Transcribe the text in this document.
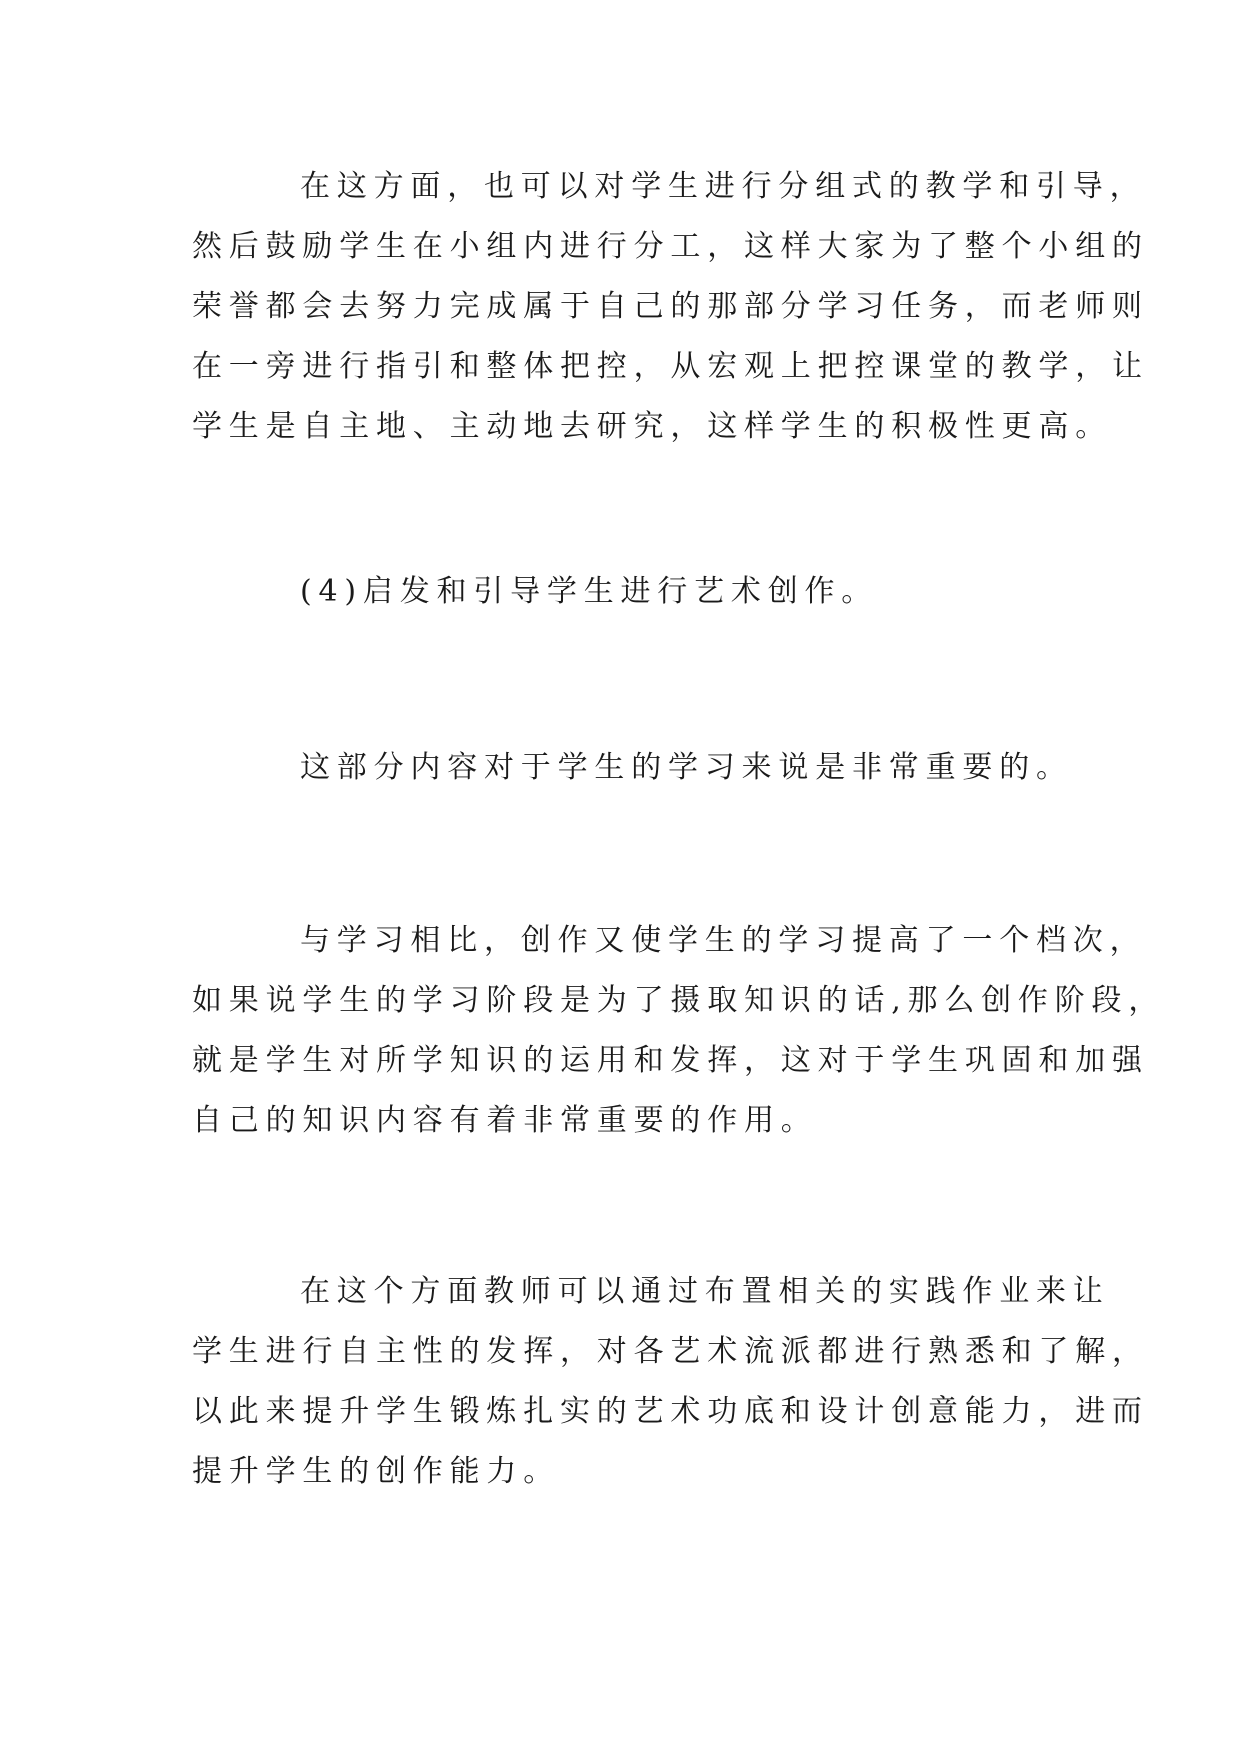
在这方面，也可以对学生进行分组式的教学和引导，
然后鼓励学生在小组内进行分工，这样大家为了整个小组的
荣誉都会去努力完成属于自己的那部分学习任务，而老师则
在一旁进行指引和整体把控，从宏观上把控课堂的教学，让
学生是自主地、主动地去研究，这样学生的积极性更高。
(4)启发和引导学生进行艺术创作。
这部分内容对于学生的学习来说是非常重要的。
与学习相比，创作又使学生的学习提高了一个档次，
如果说学生的学习阶段是为了摄取知识的话,那么创作阶段，
就是学生对所学知识的运用和发挥，这对于学生巩固和加强
自己的知识内容有着非常重要的作用。
在这个方面教师可以通过布置相关的实践作业来让
学生进行自主性的发挥，对各艺术流派都进行熟悉和了解，
以此来提升学生锻炼扎实的艺术功底和设计创意能力，进而
提升学生的创作能力。
